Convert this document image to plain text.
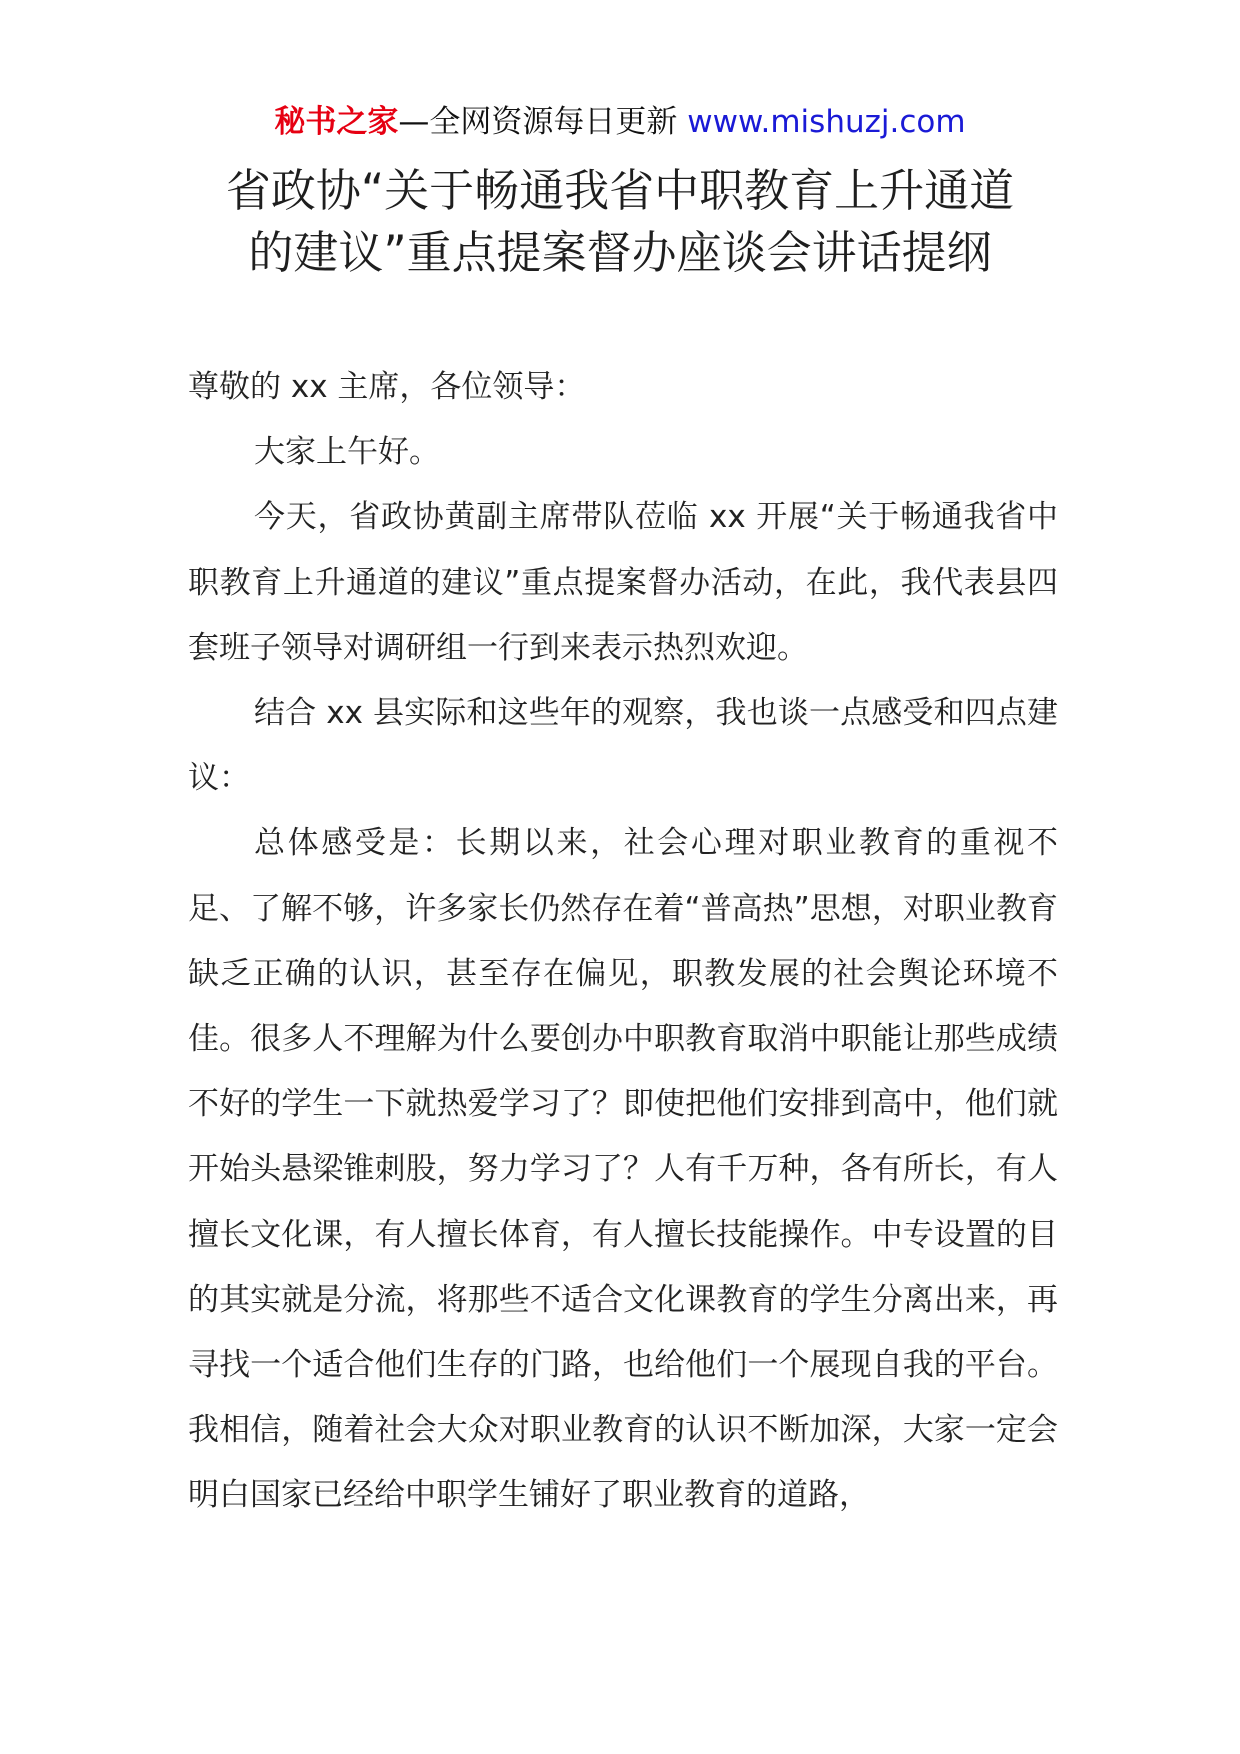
秘书之家—全网资源每日更新 www.mishuzj.com
省政协“关于畅通我省中职教育上升通道
的建议”重点提案督办座谈会讲话提纲

尊敬的 xx 主席，各位领导：

大家上午好。

今天，省政协黄副主席带队莅临 xx 开展“关于畅通我省中职教育上升通道的建议”重点提案督办活动，在此，我代表县四套班子领导对调研组一行到来表示热烈欢迎。

结合 xx 县实际和这些年的观察，我也谈一点感受和四点建议：

总体感受是：长期以来，社会心理对职业教育的重视不足、了解不够，许多家长仍然存在着“普高热”思想，对职业教育缺乏正确的认识，甚至存在偏见，职教发展的社会舆论环境不佳。很多人不理解为什么要创办中职教育取消中职能让那些成绩不好的学生一下就热爱学习了？即使把他们安排到高中，他们就开始头悬梁锥刺股，努力学习了？人有千万种，各有所长，有人擅长文化课，有人擅长体育，有人擅长技能操作。中专设置的目的其实就是分流，将那些不适合文化课教育的学生分离出来，再寻找一个适合他们生存的门路，也给他们一个展现自我的平台。我相信，随着社会大众对职业教育的认识不断加深，大家一定会明白国家已经给中职学生铺好了职业教育的道路，
